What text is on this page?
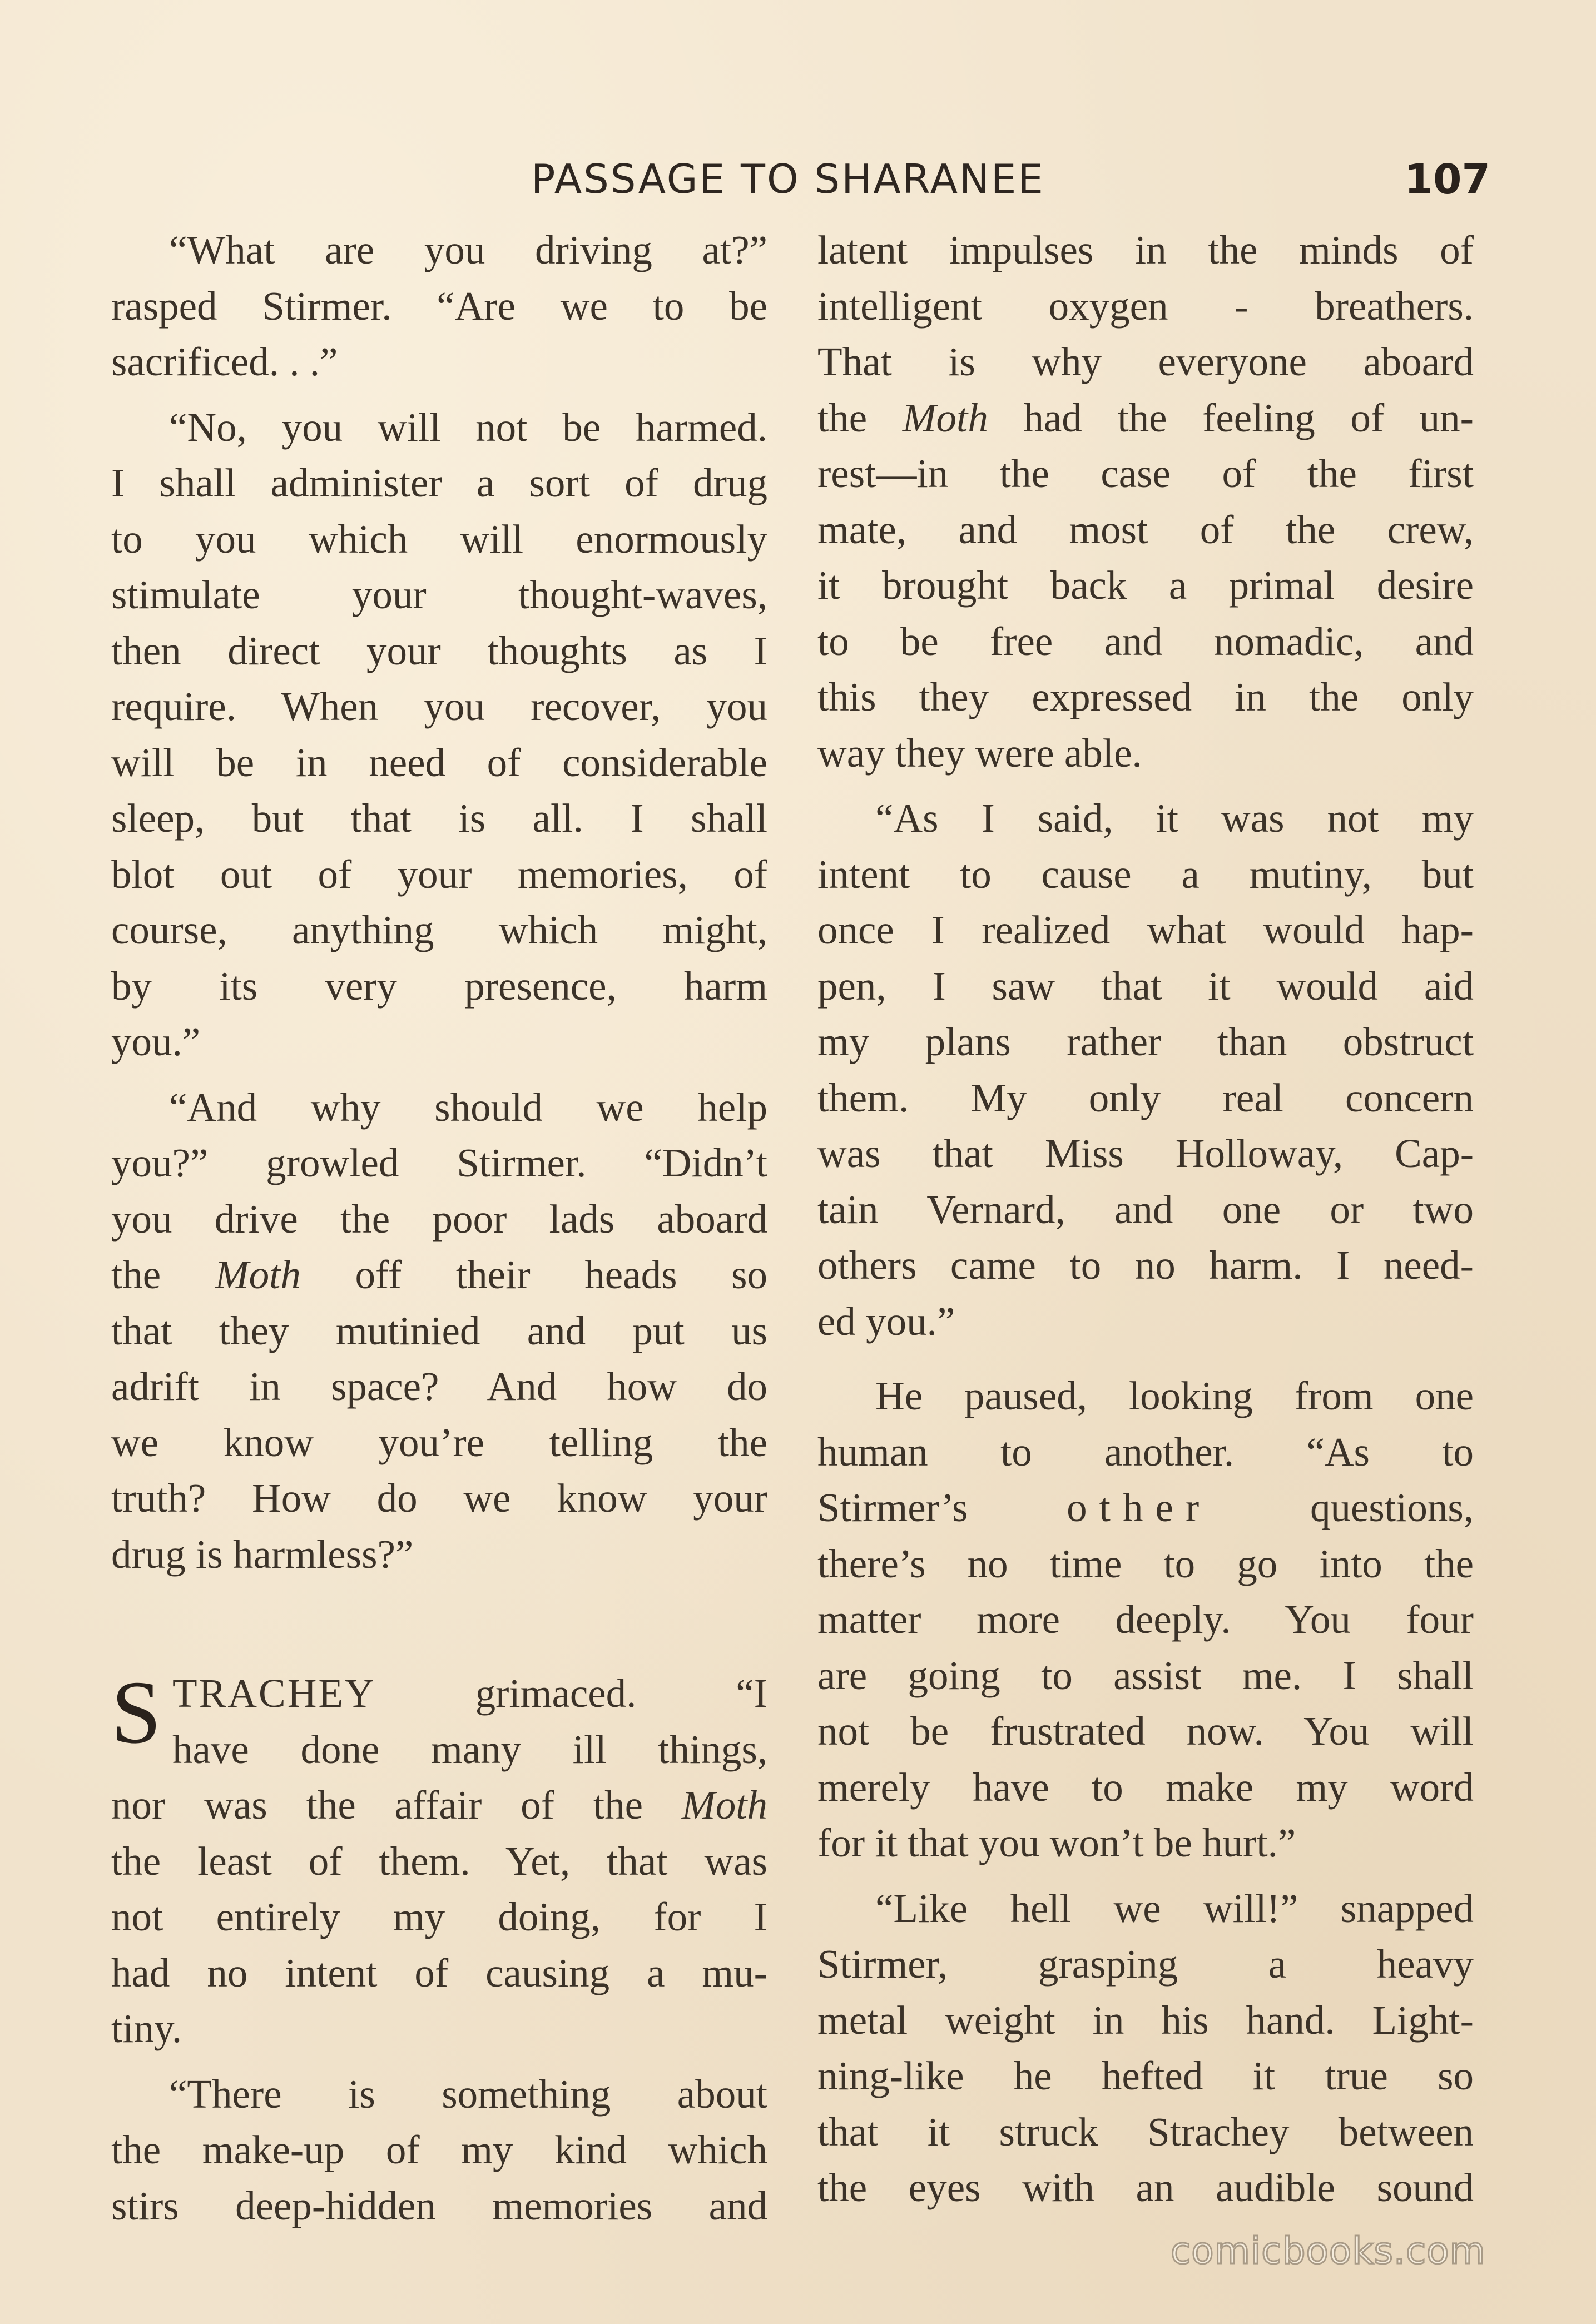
PASSAGE TO SHARANEE	107
“What are you driving at?”
rasped Stirmer. “Are we to be
sacrificed. . .”
“No, you will not be harmed.
I shall administer a sort of drug
to you which will enormously
stimulate your thought-waves,
then direct your thoughts as I
require. When you recover, you
will be in need of considerable
sleep, but that is all. I shall
blot out of your memories, of
course, anything which might,
by its very presence, harm
you.”
“And why should we help
you?” growled Stirmer. “Didn’t
you drive the poor lads aboard
the Moth off their heads so
that they mutinied and put us
adrift in space? And how do
we know you’re telling the
truth? How do we know your
drug is harmless?”
S TRACHEY grimaced. “I
have done many ill things,
nor was the affair of the Moth
the least of them. Yet, that was
not entirely my doing, for I
had no intent of causing a mu-
tiny.
“There is something about
the make-up of my kind which
stirs deep-hidden memories and
latent impulses in the minds of
intelligent oxygen - breathers.
That is why everyone aboard
the Moth had the feeling of un-
rest—in the case of the first
mate, and most of the crew,
it brought back a primal desire
to be free and nomadic, and
this they expressed in the only
way they were able.
“As I said, it was not my
intent to cause a mutiny, but
once I realized what would hap-
pen, I saw that it would aid
my plans rather than obstruct
them. My only real concern
was that Miss Holloway, Cap-
tain Vernard, and one or two
others came to no harm. I need-
ed you.”
He paused, looking from one
human to another. “As to
Stirmer’s other questions,
there’s no time to go into the
matter more deeply. You four
are going to assist me. I shall
not be frustrated now. You will
merely have to make my word
for it that you won’t be hurt.”
“Like hell we will!” snapped
Stirmer, grasping a heavy
metal weight in his hand. Light-
ning-like he hefted it true so
that it struck Strachey between
the eyes with an audible sound
comicbooks.com
